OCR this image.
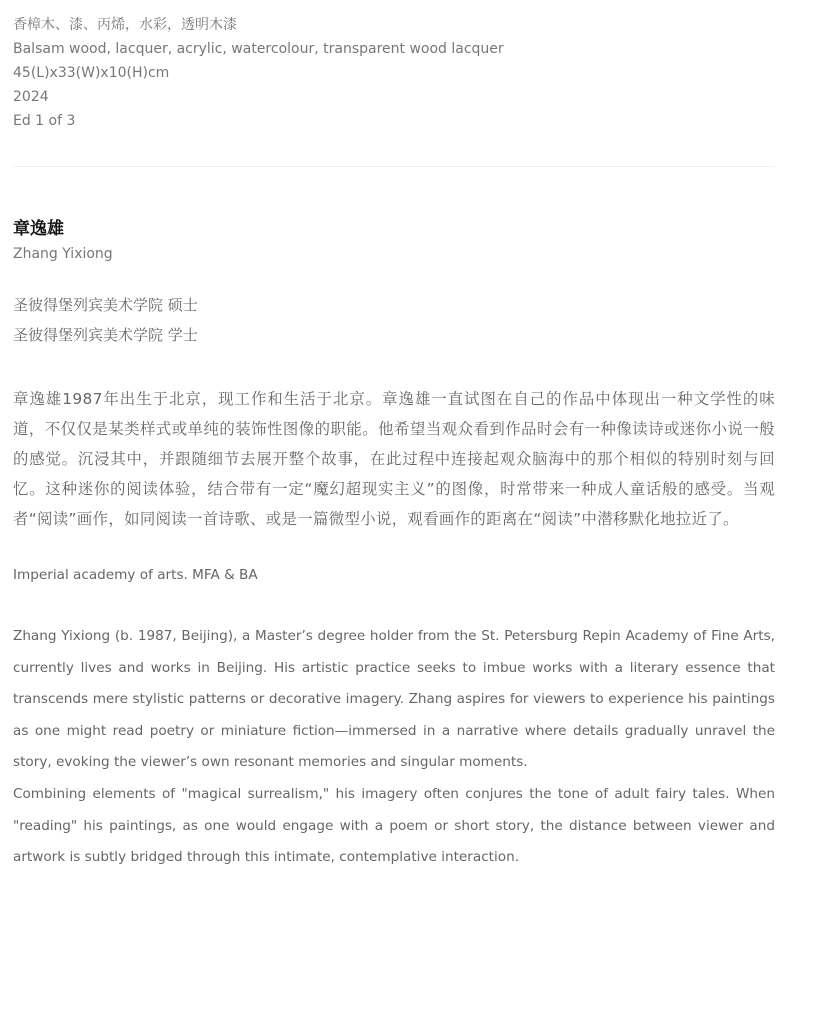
香樟木、漆、丙烯，水彩，透明木漆
Balsam wood, lacquer, acrylic, watercolour, transparent wood lacquer
45(L)x33(W)x10(H)cm
2024
Ed 1 of 3
章逸雄
Zhang Yixiong
圣彼得堡列宾美术学院 硕士
圣彼得堡列宾美术学院 学士
章逸雄1987年出生于北京，现工作和生活于北京。章逸雄一直试图在自己的作品中体现出一种文学性的味道，不仅仅是某类样式或单纯的装饰性图像的职能。他希望当观众看到作品时会有一种像读诗或迷你小说一般的感觉。沉浸其中，并跟随细节去展开整个故事，在此过程中连接起观众脑海中的那个相似的特别时刻与回忆。这种迷你的阅读体验，结合带有一定“魔幻超现实主义”的图像，时常带来一种成人童话般的感受。当观者“阅读”画作，如同阅读一首诗歌、或是一篇微型小说，观看画作的距离在“阅读”中潜移默化地拉近了。
Imperial academy of arts. MFA & BA

Zhang Yixiong (b. 1987, Beijing), a Master’s degree holder from the St. Petersburg Repin Academy of Fine Arts, currently lives and works in Beijing. His artistic practice seeks to imbue works with a literary essence that transcends mere stylistic patterns or decorative imagery. Zhang aspires for viewers to experience his paintings as one might read poetry or miniature fiction—immersed in a narrative where details gradually unravel the story, evoking the viewer’s own resonant memories and singular moments.

Combining elements of "magical surrealism," his imagery often conjures the tone of adult fairy tales. When "reading" his paintings, as one would engage with a poem or short story, the distance between viewer and artwork is subtly bridged through this intimate, contemplative interaction.
